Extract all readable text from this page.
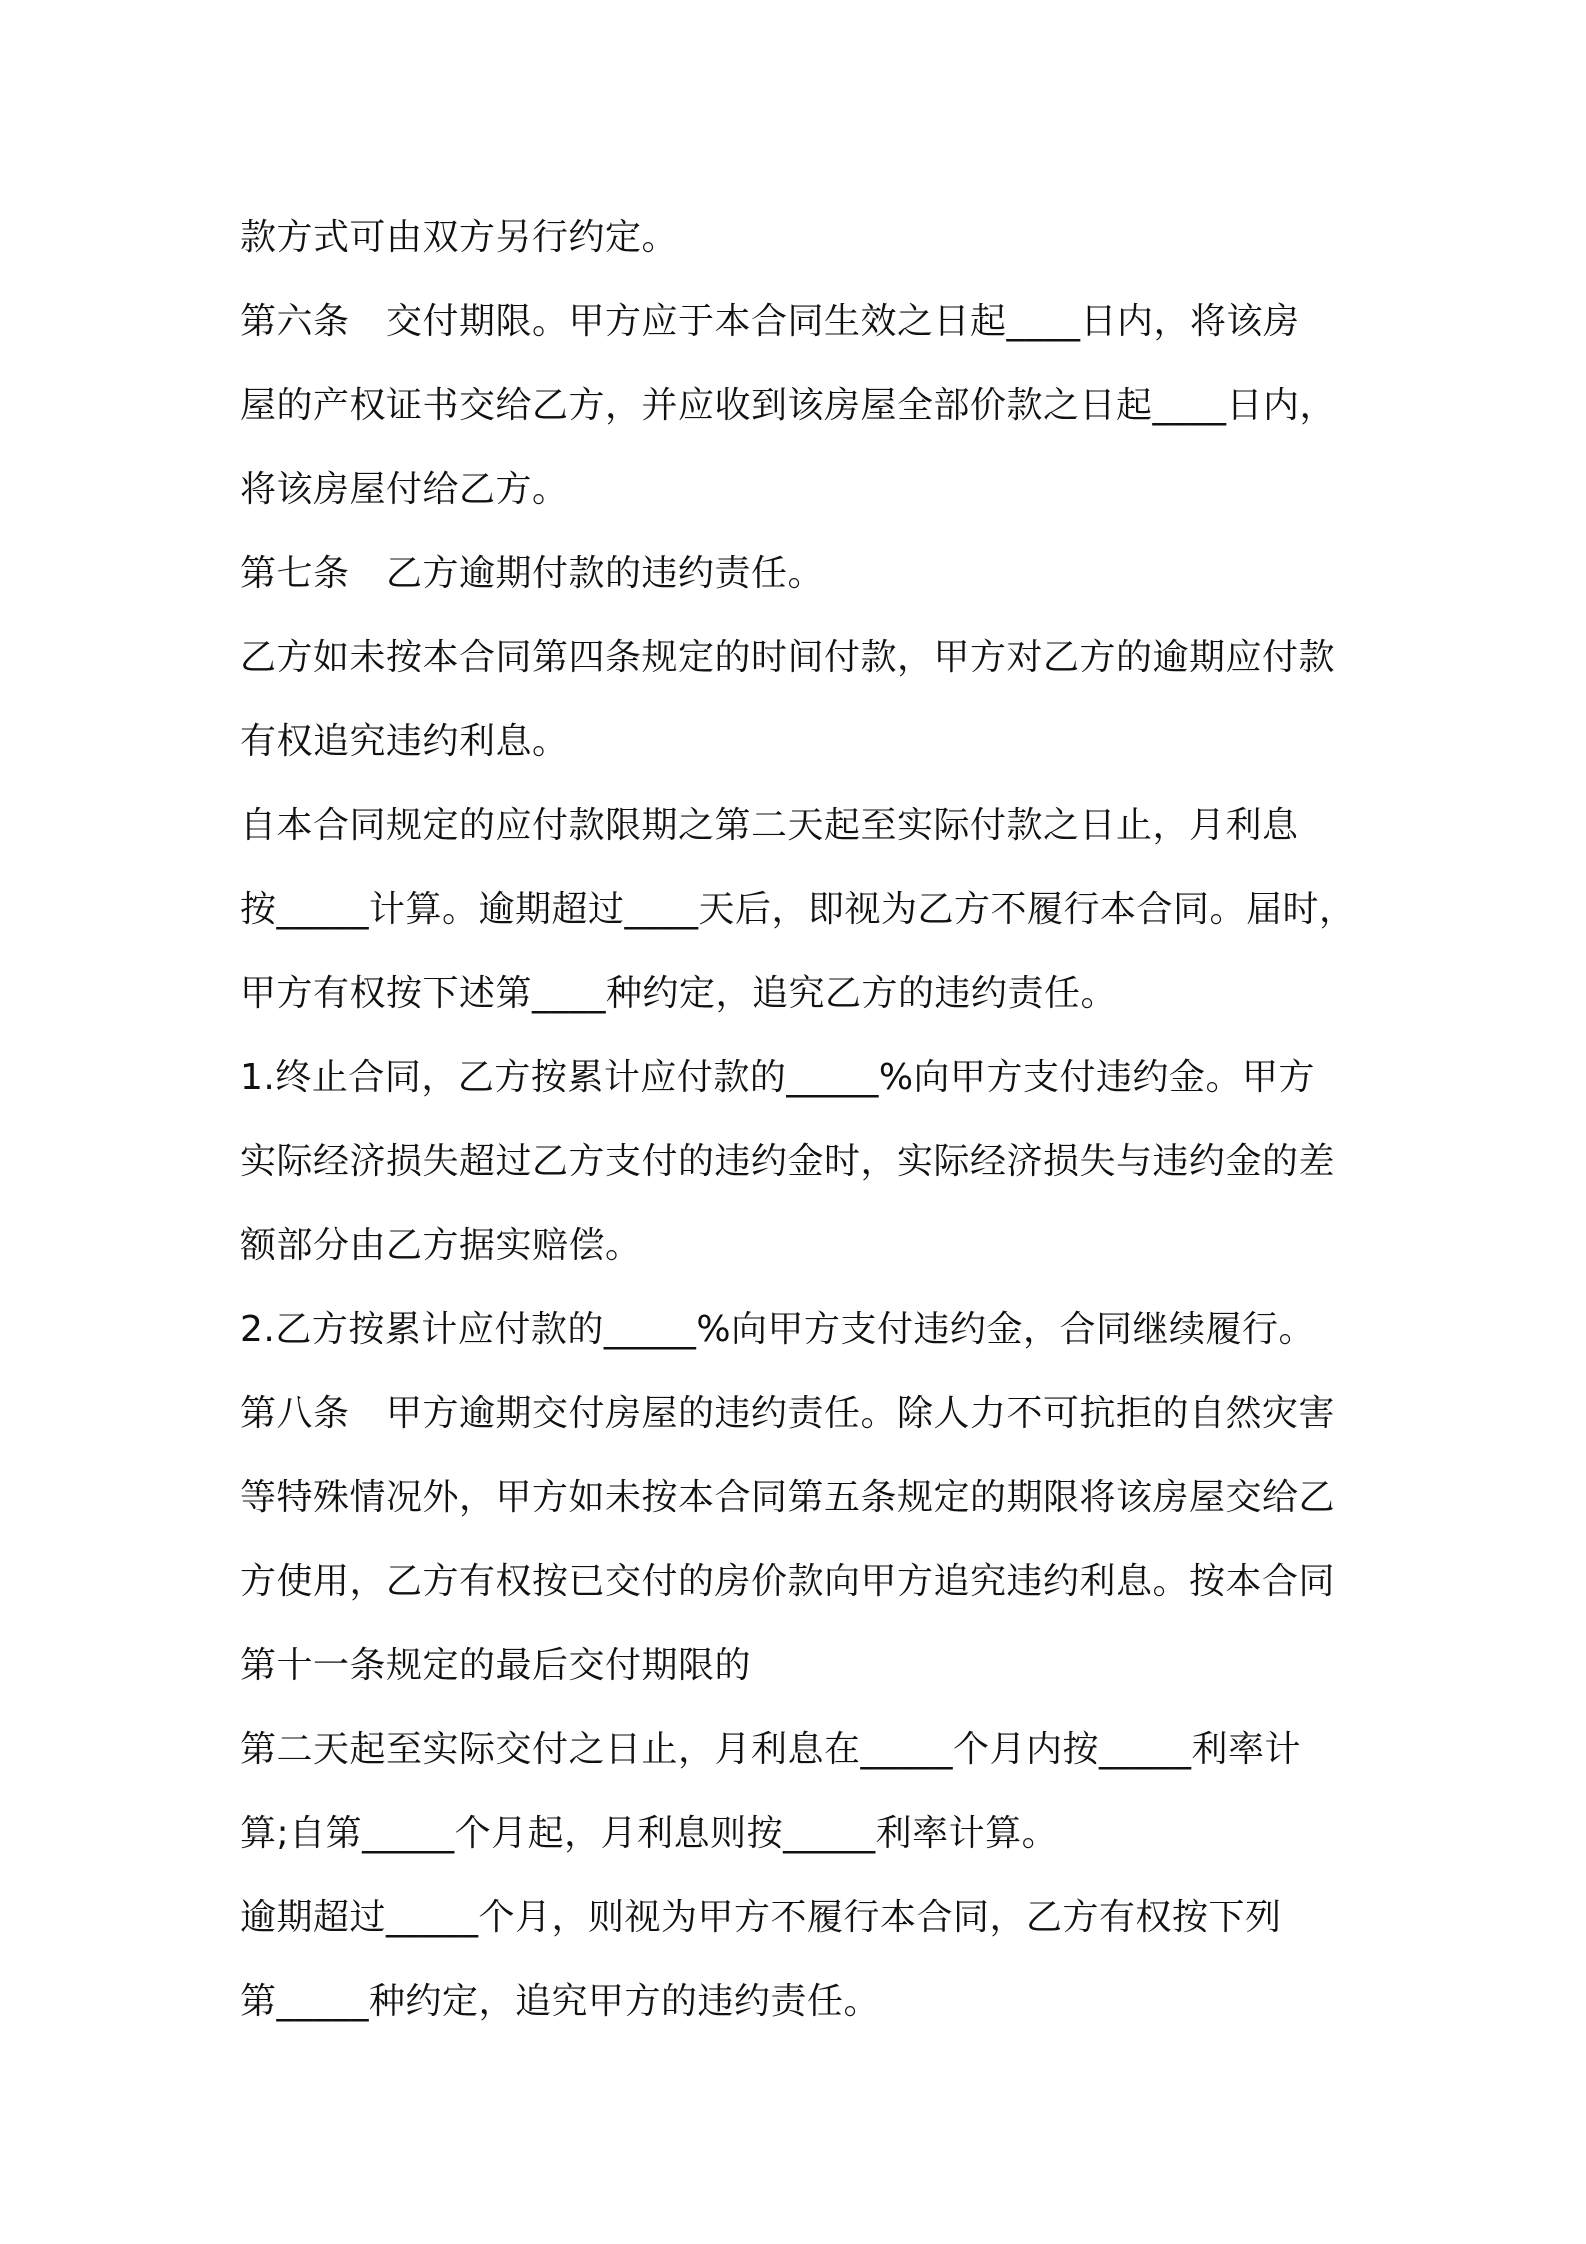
款方式可由双方另行约定。
第六条　交付期限。甲方应于本合同生效之日起____日内，将该房
屋的产权证书交给乙方，并应收到该房屋全部价款之日起____日内，
将该房屋付给乙方。
第七条　乙方逾期付款的违约责任。
乙方如未按本合同第四条规定的时间付款，甲方对乙方的逾期应付款
有权追究违约利息。
自本合同规定的应付款限期之第二天起至实际付款之日止，月利息
按_____计算。逾期超过____天后，即视为乙方不履行本合同。届时，
甲方有权按下述第____种约定，追究乙方的违约责任。
1.终止合同，乙方按累计应付款的_____%向甲方支付违约金。甲方
实际经济损失超过乙方支付的违约金时，实际经济损失与违约金的差
额部分由乙方据实赔偿。
2.乙方按累计应付款的_____%向甲方支付违约金，合同继续履行。
第八条　甲方逾期交付房屋的违约责任。除人力不可抗拒的自然灾害
等特殊情况外，甲方如未按本合同第五条规定的期限将该房屋交给乙
方使用，乙方有权按已交付的房价款向甲方追究违约利息。按本合同
第十一条规定的最后交付期限的
第二天起至实际交付之日止，月利息在_____个月内按_____利率计
算;自第_____个月起，月利息则按_____利率计算。
逾期超过_____个月，则视为甲方不履行本合同，乙方有权按下列
第_____种约定，追究甲方的违约责任。
